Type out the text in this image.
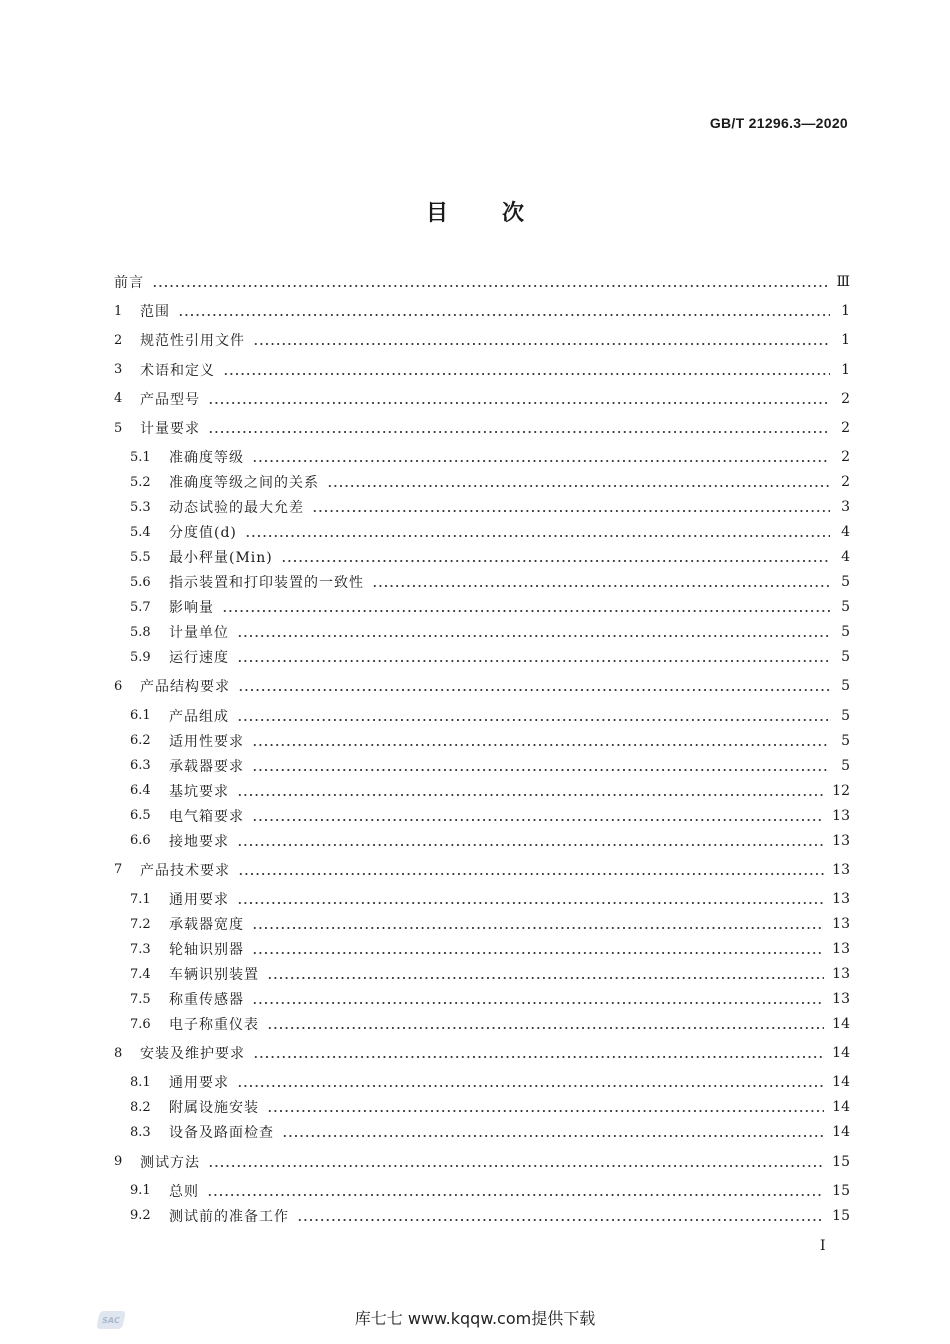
GB/T 21296.3—2020
目次
前言	Ⅲ
1	范围	1
2	规范性引用文件	1
3	术语和定义	1
4	产品型号	2
5	计量要求	2
5.1	准确度等级	2
5.2	准确度等级之间的关系	2
5.3	动态试验的最大允差	3
5.4	分度值(d)	4
5.5	最小秤量(Min)	4
5.6	指示装置和打印装置的一致性	5
5.7	影响量	5
5.8	计量单位	5
5.9	运行速度	5
6	产品结构要求	5
6.1	产品组成	5
6.2	适用性要求	5
6.3	承载器要求	5
6.4	基坑要求	12
6.5	电气箱要求	13
6.6	接地要求	13
7	产品技术要求	13
7.1	通用要求	13
7.2	承载器宽度	13
7.3	轮轴识别器	13
7.4	车辆识别装置	13
7.5	称重传感器	13
7.6	电子称重仪表	14
8	安装及维护要求	14
8.1	通用要求	14
8.2	附属设施安装	14
8.3	设备及路面检查	14
9	测试方法	15
9.1	总则	15
9.2	测试前的准备工作	15
I
SAC	库七七 www.kqqw.com提供下载
